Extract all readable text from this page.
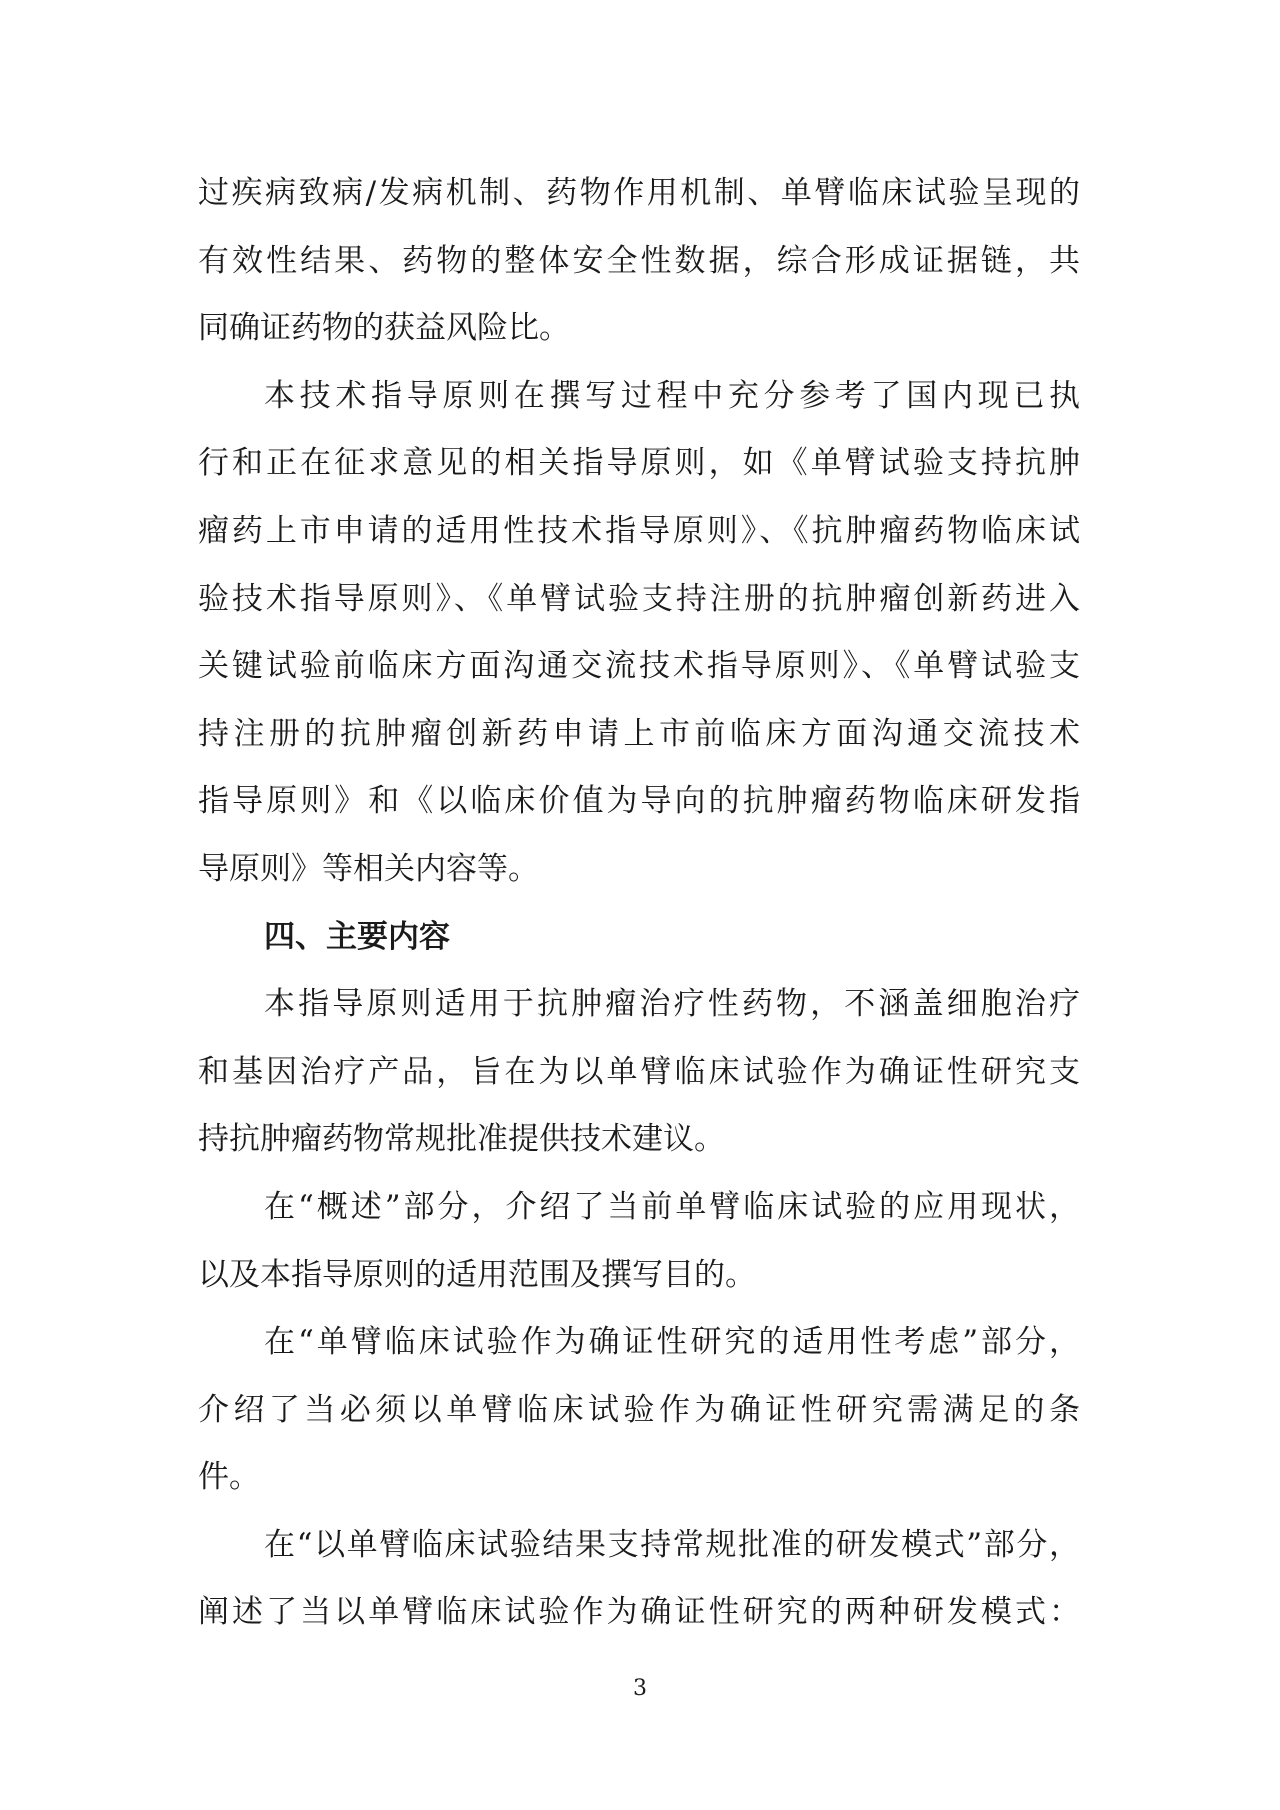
过疾病致病/发病机制、药物作用机制、单臂临床试验呈现的
有效性结果、药物的整体安全性数据，综合形成证据链，共
同确证药物的获益风险比。
本技术指导原则在撰写过程中充分参考了国内现已执
行和正在征求意见的相关指导原则，如《单臂试验支持抗肿
瘤药上市申请的适用性技术指导原则》、《抗肿瘤药物临床试
验技术指导原则》、《单臂试验支持注册的抗肿瘤创新药进入
关键试验前临床方面沟通交流技术指导原则》、《单臂试验支
持注册的抗肿瘤创新药申请上市前临床方面沟通交流技术
指导原则》和《以临床价值为导向的抗肿瘤药物临床研发指
导原则》等相关内容等。
四、主要内容
本指导原则适用于抗肿瘤治疗性药物，不涵盖细胞治疗
和基因治疗产品，旨在为以单臂临床试验作为确证性研究支
持抗肿瘤药物常规批准提供技术建议。
在“概述”部分，介绍了当前单臂临床试验的应用现状，
以及本指导原则的适用范围及撰写目的。
在“单臂临床试验作为确证性研究的适用性考虑”部分，
介绍了当必须以单臂临床试验作为确证性研究需满足的条
件。
在“以单臂临床试验结果支持常规批准的研发模式”部分，
阐述了当以单臂临床试验作为确证性研究的两种研发模式：
3
